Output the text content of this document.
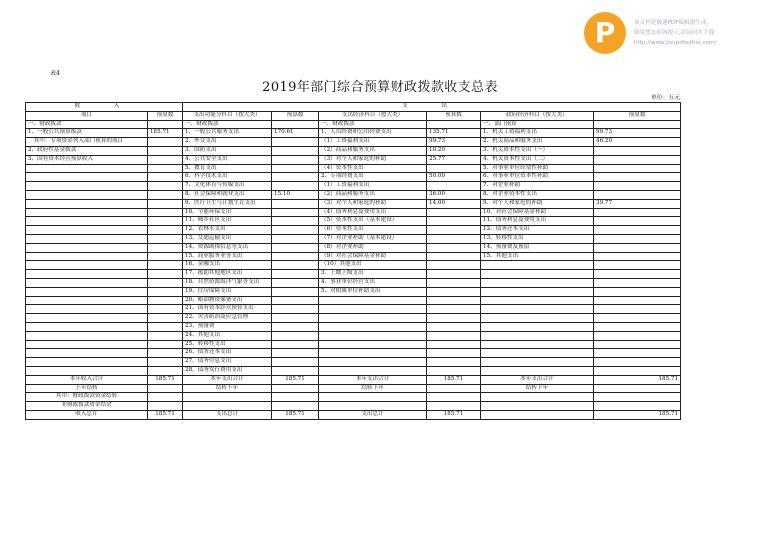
P	该文档是极速PDF编辑器生成,
如果想去掉该提示,请访问并下载:
http://www.jisupdfeditor.com/
表4
2019年部门综合预算财政拨款收支总表
单位：万元
收　入		支　出					
项目	预算数	支出功能分科目（按大类）	预算数	支出经济科目（按大类）	预算数	政府经济科目（按大类）	预算数
一、财政拨款		一、财政拨款		一、财政拨款		一、部门预算	
1、一般公共预算拨款	185.71	1、一般公共服务支出	170.61	1、人员经费和公用经费支出	135.71	1、机关工资福利支出	99.73
　其中：专项资金列入部门预算的项目		2、外交支出		（1）工资福利支出	99.73	2、机关商品和服务支出	46.20
2、政府性基金拨款		3、国防支出		（2）商品和服务支出	10.20	3、机关资本性支出（一）	
3、国有资本经营预算收入		4、公共安全支出		（3）对个人和家庭的补助	25.77	4、机关资本性支出（二）	
		5、教育支出		（4）资本性支出		5、对事业单位经常性补助	
		6、科学技术支出		2、专项经费支出	50.00	6、对事业单位资本性补助	
		7、文化体育与传媒支出		（1）工资福利支出		7、对企业补助	
		8、社会保障和就业支出	15.10	（2）商品和服务支出	36.00	8、对企业资本性支出	
		9、医疗卫生与计划生育支出		（3）对个人和家庭的补助	14.00	9、对个人和家庭的补助	39.77
		10、节能环保支出		（4）债务利息及费用支出		10、对社会保障基金补助	
		11、城乡社区支出		（5）资本性支出（基本建设）		11、债务利息及费用支出	
		12、农林水支出		（6）资本性支出		12、债务还本支出	
		13、交通运输支出		（7）对企业补助（基本建设）		13、转移性支出	
		14、资源勘探信息等支出		（8）对企业补助		14、预备费及预留	
		15、商业服务业等支出		（9）对社会保障基金补助		15、其他支出	
		16、金融支出		（10）其他支出			
		17、援助其他地区支出		3、上缴上级支出			
		18、自然资源海洋气象等支出		4、事业单位经营支出			
		19、住房保障支出		5、对附属单位补助支出			
		20、粮油物资储备支出					
		21、国有资本经营预算支出					
		22、灾害防治及应急管理					
		23、预备费					
		24、其他支出					
		25、转移性支出					
		26、债务还本支出					
		27、债务付息支出					
		28、债务发行费用支出					
本年收入合计	185.71	本年支出合计	185.71	本年支出合计	185.71	本年支出合计	185.71
上年结转		结转下年		结转下年		结转下年	
其中：财政拨款资金结转							
非财政拨款资金结余							
收入总计	185.71	支出总计	185.71	支出总计	185.71		185.71
